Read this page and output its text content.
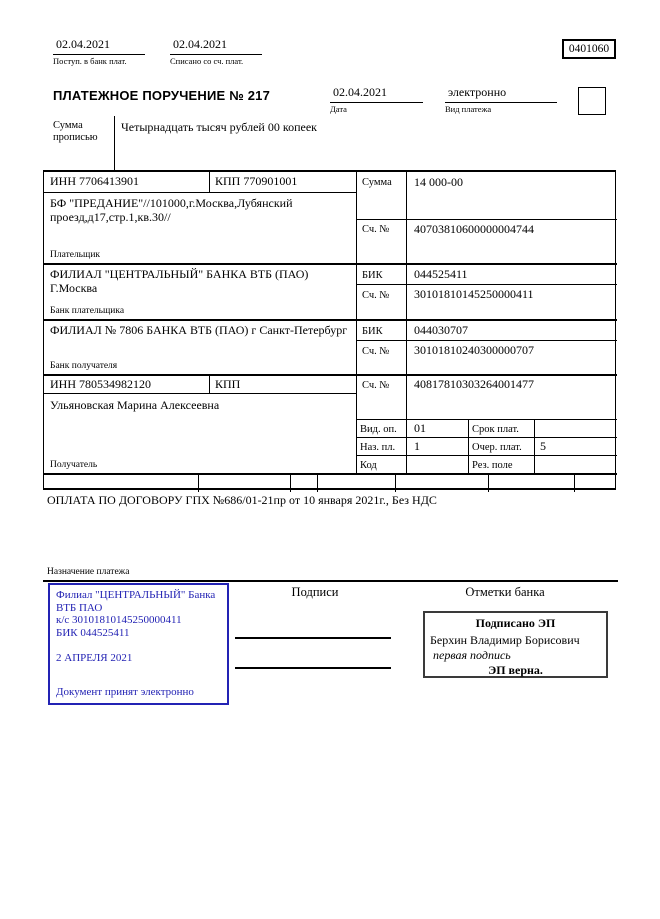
02.04.2021
Поступ. в банк плат.
02.04.2021
Списано со сч. плат.
0401060
ПЛАТЕЖНОЕ ПОРУЧЕНИЕ № 217	02.04.2021
Дата
электронно
Вид платежа
Сумма прописью
Четырнадцать тысяч рублей 00 копеек
ИНН 7706413901	КПП 770901001
БФ "ПРЕДАНИЕ"//101000,г.Москва,Лубянский проезд,д17,стр.1,кв.30//
Плательщик
Сумма 14 000-00
Сч. № 40703810600000004744
ФИЛИАЛ "ЦЕНТРАЛЬНЫЙ" БАНКА ВТБ (ПАО) Г.Москва
Банк плательщика
БИК	044525411
Сч. № 30101810145250000411
ФИЛИАЛ № 7806 БАНКА ВТБ (ПАО) г Санкт-Петербург
Банк получателя
БИК	044030707
Сч. № 30101810240300000707
ИНН 780534982120	КПП
Ульяновская Марина Алексеевна
Получатель
Сч. № 40817810303264001477
Вид. оп. 01	Срок плат.
Наз. пл. 1	Очер. плат. 5
Код	Рез. поле
ОПЛАТА ПО ДОГОВОРУ ГПХ №686/01-21пр от 10 января 2021г., Без НДС
Назначение платежа
Филиал "ЦЕНТРАЛЬНЫЙ" Банка ВТБ ПАО
к/с 30101810145250000411
БИК 044525411
2 АПРЕЛЯ 2021
Документ принят электронно
Подписи	Отметки банка
Подписано ЭП
Берхин Владимир Борисович
первая подпись
ЭП верна.
